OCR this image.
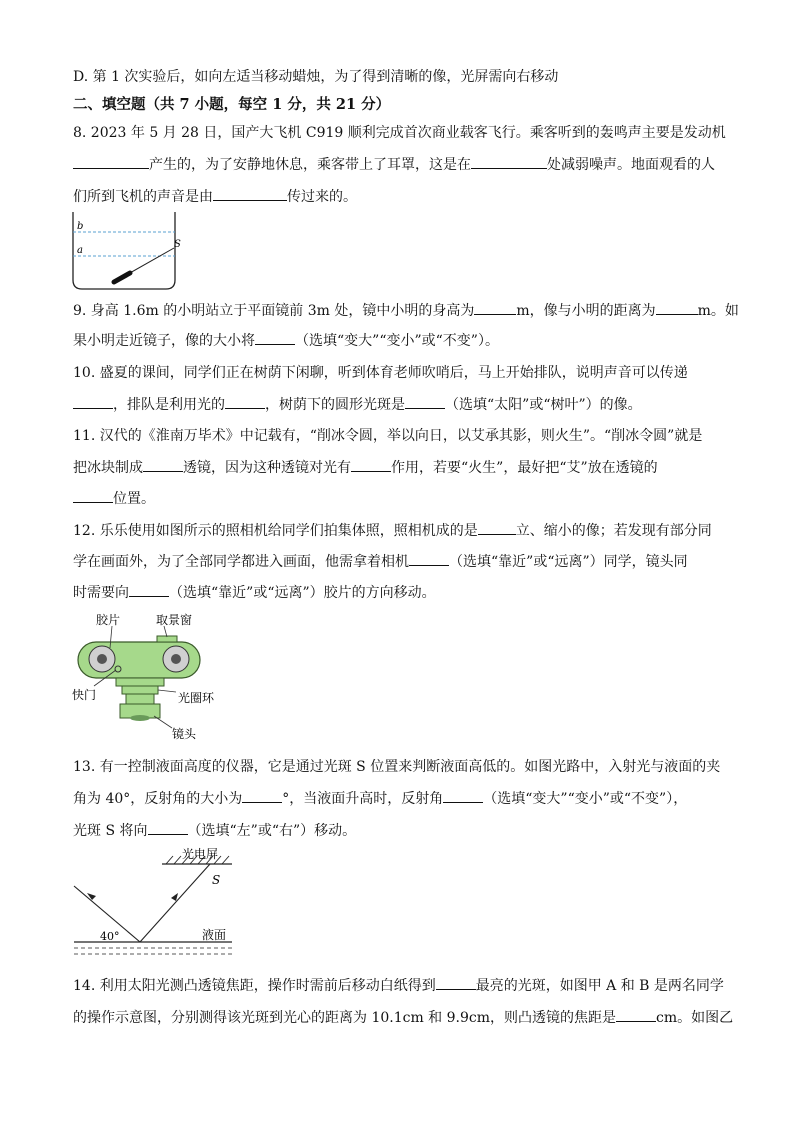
D. 第 1 次实验后，如向左适当移动蜡烛，为了得到清晰的像，光屏需向右移动
二、填空题（共 7 小题，每空 1 分，共 21 分）
8. 2023 年 5 月 28 日，国产大飞机 C919 顺利完成首次商业载客飞行。乘客听到的轰鸣声主要是发动机
产生的，为了安静地休息，乘客带上了耳罩，这是在	处减弱噪声。地面观看的人
们所到飞机的声音是由	传过来的。
b
a
S
9. 身高 1.6m 的小明站立于平面镜前 3m 处，镜中小明的身高为	m，像与小明的距离为	m。如
果小明走近镜子，像的大小将	（选填“变大”“变小”或“不变”）。
10. 盛夏的课间，同学们正在树荫下闲聊，听到体育老师吹哨后，马上开始排队，说明声音可以传递
，排队是利用光的	，树荫下的圆形光斑是	（选填“太阳”或“树叶”）的像。
11. 汉代的《淮南万毕术》中记载有，“削冰令圆，举以向日，以艾承其影，则火生”。“削冰令圆”就是
把冰块制成	透镜，因为这种透镜对光有	作用，若要“火生”，最好把“艾”放在透镜的
位置。
12. 乐乐使用如图所示的照相机给同学们拍集体照，照相机成的是	立、缩小的像；若发现有部分同
学在画面外，为了全部同学都进入画面，他需拿着相机	（选填“靠近”或“远离”）同学，镜头同
时需要向	（选填“靠近”或“远离”）胶片的方向移动。
胶片	取景窗
快门	光圈环
镜头
13. 有一控制液面高度的仪器，它是通过光斑 S 位置来判断液面高低的。如图光路中，入射光与液面的夹
角为 40°，反射角的大小为	°，当液面升高时，反射角	（选填“变大”“变小”或“不变”），
光斑 S 将向	（选填“左”或“右”）移动。
光电屏
S
40°	液面
14. 利用太阳光测凸透镜焦距，操作时需前后移动白纸得到	最亮的光斑，如图甲 A 和 B 是两名同学
的操作示意图，分别测得该光斑到光心的距离为 10.1cm 和 9.9cm，则凸透镜的焦距是	cm。如图乙
